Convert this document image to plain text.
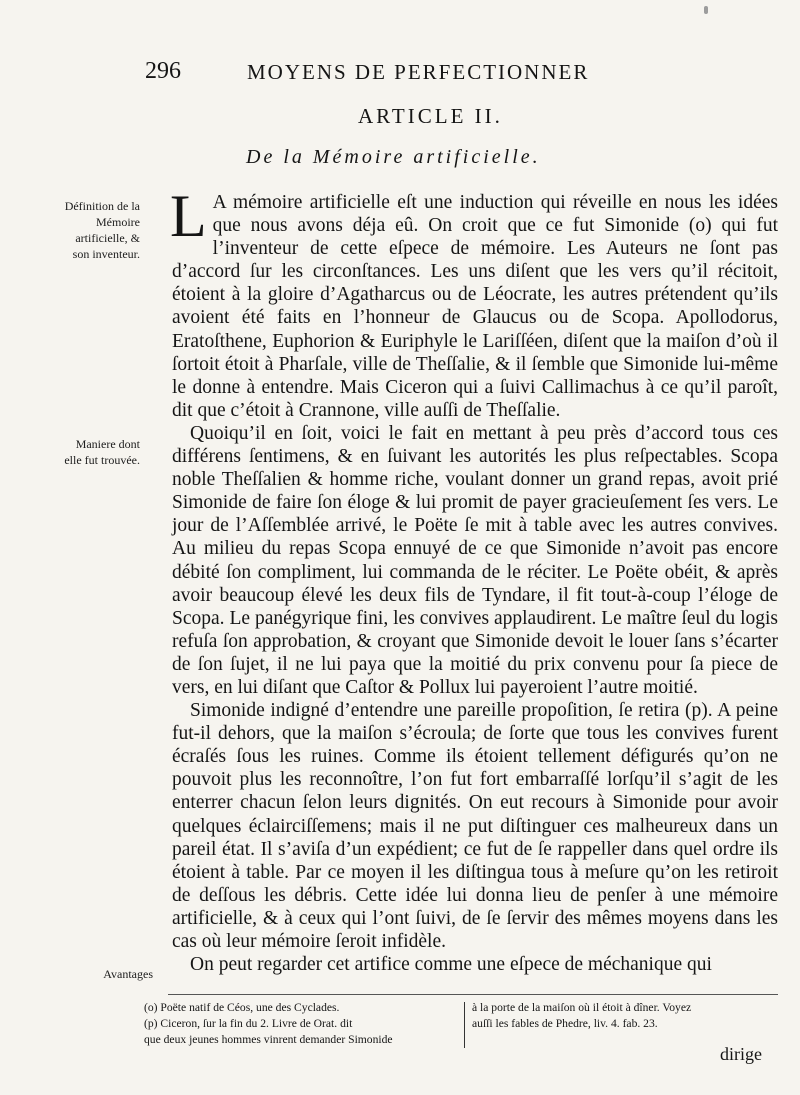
296	MOYENS DE PERFECTIONNER
ARTICLE II.
De la Mémoire artificielle.
Définition de la Mémoire artificielle, & son inventeur.
Maniere dont elle fut trouvée.
Avantages

L A mémoire artificielle eſt une induction qui réveille en nous les idées que nous avons déja eû. On croit que ce fut Simonide (o) qui fut l’inventeur de cette eſpece de mémoire. Les Auteurs ne ſont pas d’accord ſur les circonſtances. Les uns diſent que les vers qu’il récitoit, étoient à la gloire d’Agatharcus ou de Léocrate, les autres prétendent qu’ils avoient été faits en l’honneur de Glaucus ou de Scopa. Apollodorus, Eratoſthene, Euphorion & Euriphyle le Lariſſéen, diſent que la maiſon d’où il ſortoit étoit à Pharſale, ville de Theſſalie, & il ſemble que Simonide lui-même le donne à entendre. Mais Ciceron qui a ſuivi Callimachus à ce qu’il paroît, dit que c’étoit à Crannone, ville auſſi de Theſſalie.

Quoiqu’il en ſoit, voici le fait en mettant à peu près d’accord tous ces différens ſentimens, & en ſuivant les autorités les plus reſpectables. Scopa noble Theſſalien & homme riche, voulant donner un grand repas, avoit prié Simonide de faire ſon éloge & lui promit de payer gracieuſement ſes vers. Le jour de l’Aſſemblée arrivé, le Poëte ſe mit à table avec les autres convives. Au milieu du repas Scopa ennuyé de ce que Simonide n’avoit pas encore débité ſon compliment, lui commanda de le réciter. Le Poëte obéit, & après avoir beaucoup élevé les deux fils de Tyndare, il fit tout-à-coup l’éloge de Scopa. Le panégyrique fini, les convives applaudirent. Le maître ſeul du logis refuſa ſon approbation, & croyant que Simonide devoit le louer ſans s’écarter de ſon ſujet, il ne lui paya que la moitié du prix convenu pour ſa piece de vers, en lui diſant que Caſtor & Pollux lui payeroient l’autre moitié.

Simonide indigné d’entendre une pareille propoſition, ſe retira (p). A peine fut-il dehors, que la maiſon s’écroula; de ſorte que tous les convives furent écraſés ſous les ruines. Comme ils étoient tellement défigurés qu’on ne pouvoit plus les reconnoître, l’on fut fort embarraſſé lorſqu’il s’agit de les enterrer chacun ſelon leurs dignités. On eut recours à Simonide pour avoir quelques éclairciſſemens; mais il ne put diſtinguer ces malheureux dans un pareil état. Il s’aviſa d’un expédient; ce fut de ſe rappeller dans quel ordre ils étoient à table. Par ce moyen il les diſtingua tous à meſure qu’on les retiroit de deſſous les débris. Cette idée lui donna lieu de penſer à une mémoire artificielle, & à ceux qui l’ont ſuivi, de ſe ſervir des mêmes moyens dans les cas où leur mémoire ſeroit infidèle.

On peut regarder cet artifice comme une eſpece de méchanique qui

(o) Poëte natif de Céos, une des Cyclades.
(p) Ciceron, ſur la fin du 2. Livre de Orat. dit
que deux jeunes hommes vinrent demander Simonide
à la porte de la maiſon où il étoit à dîner. Voyez
auſſi les fables de Phedre, liv. 4. fab. 23.
dirige
